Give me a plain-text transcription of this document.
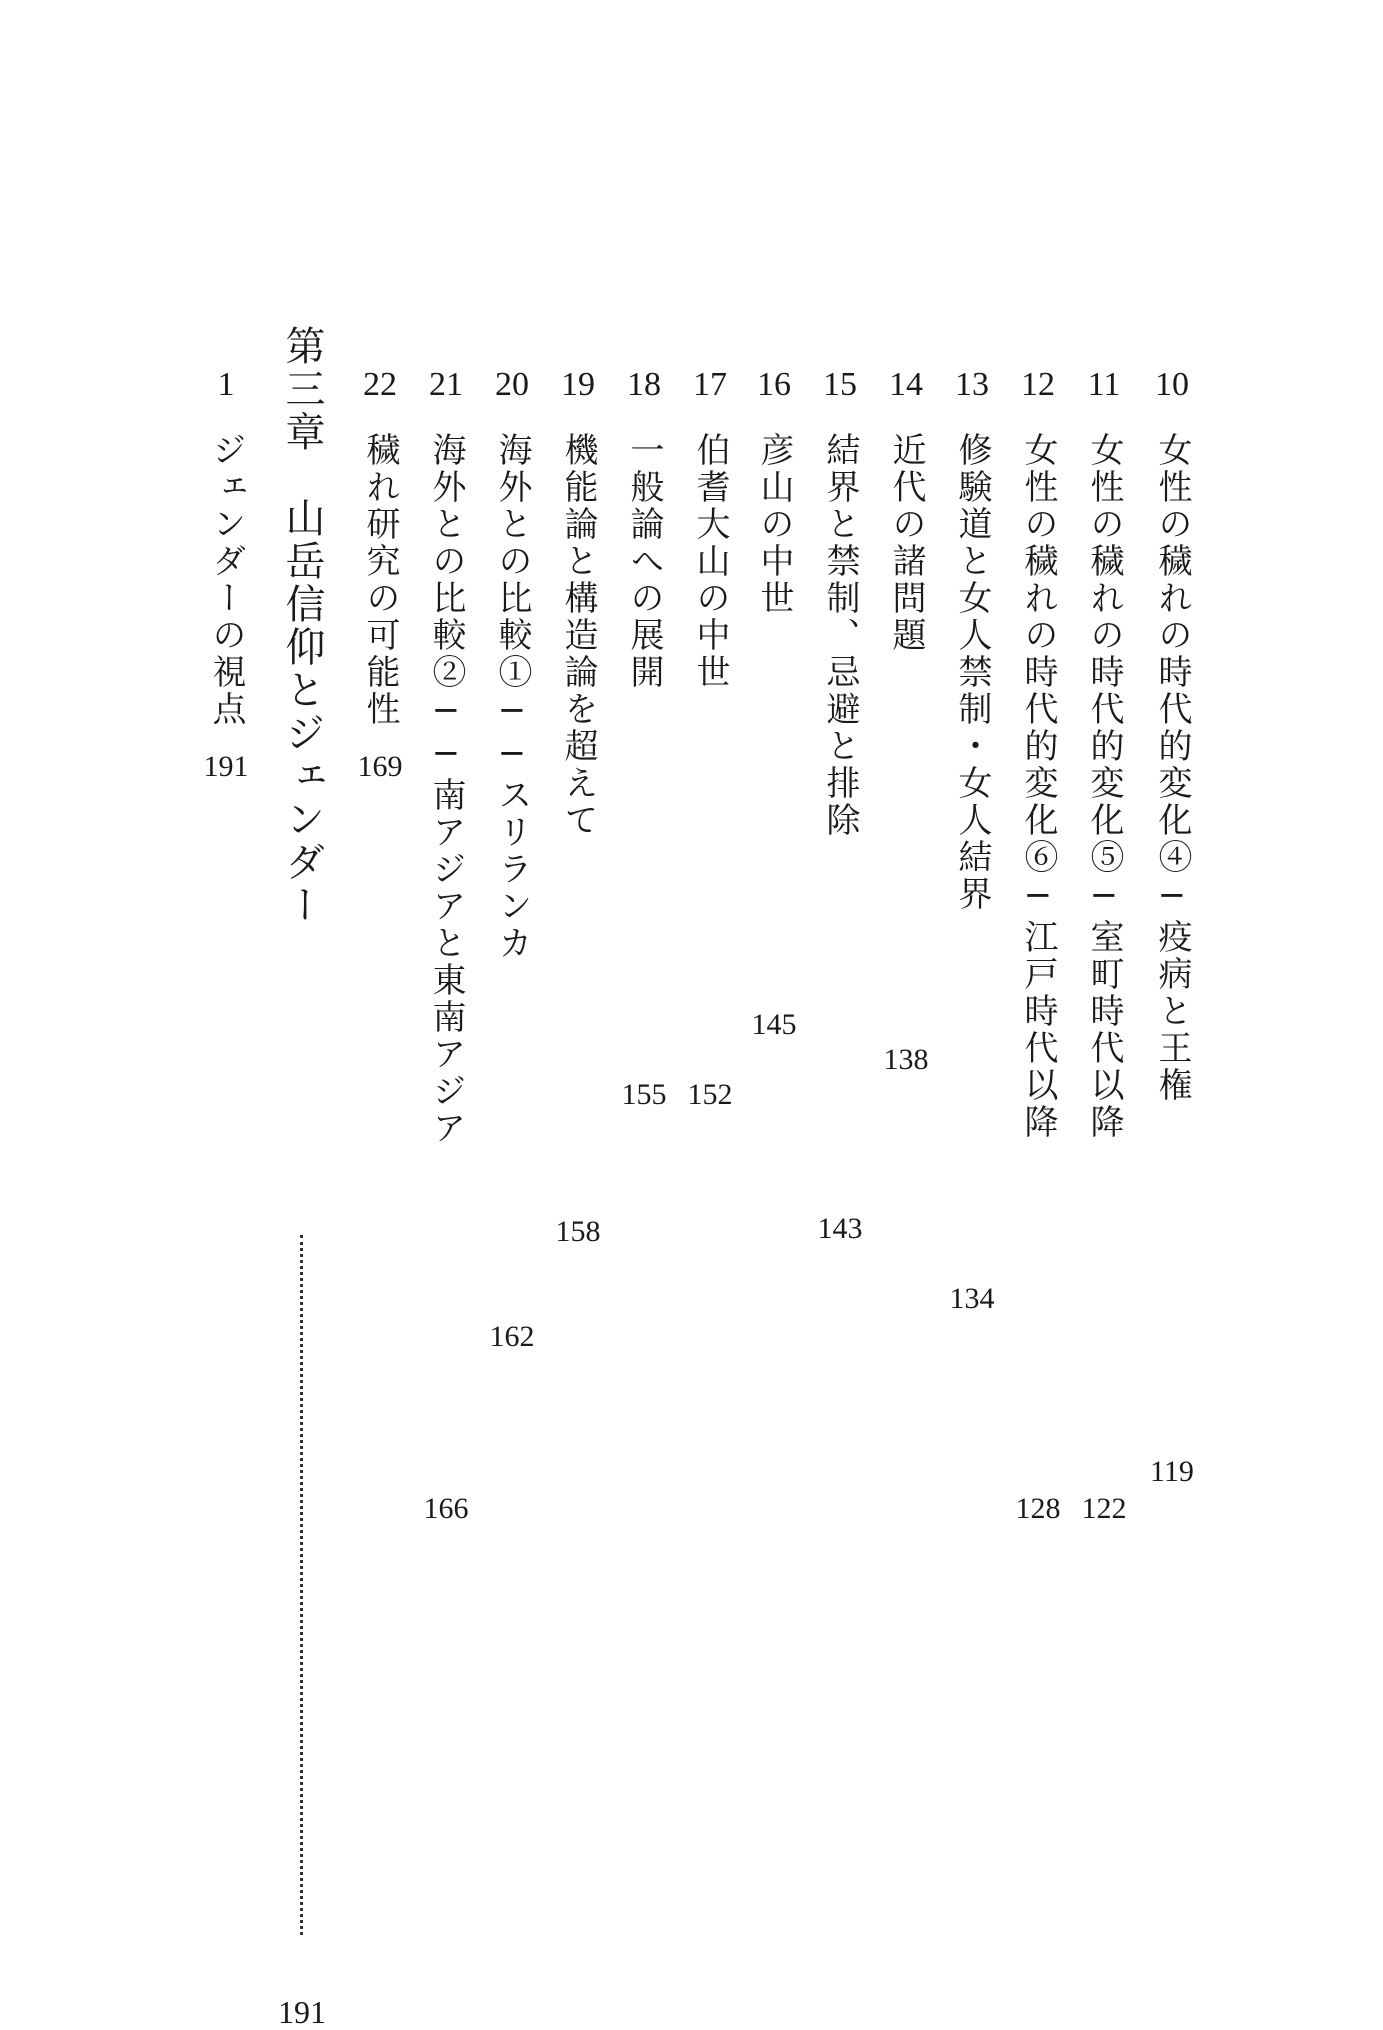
10
女性の穢れの時代的変化④─疫病と王権
119
11
女性の穢れの時代的変化⑤─室町時代以降
122
12
女性の穢れの時代的変化⑥─江戸時代以降
128
13
修験道と女人禁制・女人結界
134
14
近代の諸問題
138
15
結界と禁制、忌避と排除
143
16
彦山の中世
145
17
伯耆大山の中世
152
18
一般論への展開
155
19
機能論と構造論を超えて
158
20
海外との比較①──スリランカ
162
21
海外との比較②──南アジアと東南アジア
166
22
穢れ研究の可能性
169
第三章　山岳信仰とジェンダー
191
1
ジェンダーの視点
191
